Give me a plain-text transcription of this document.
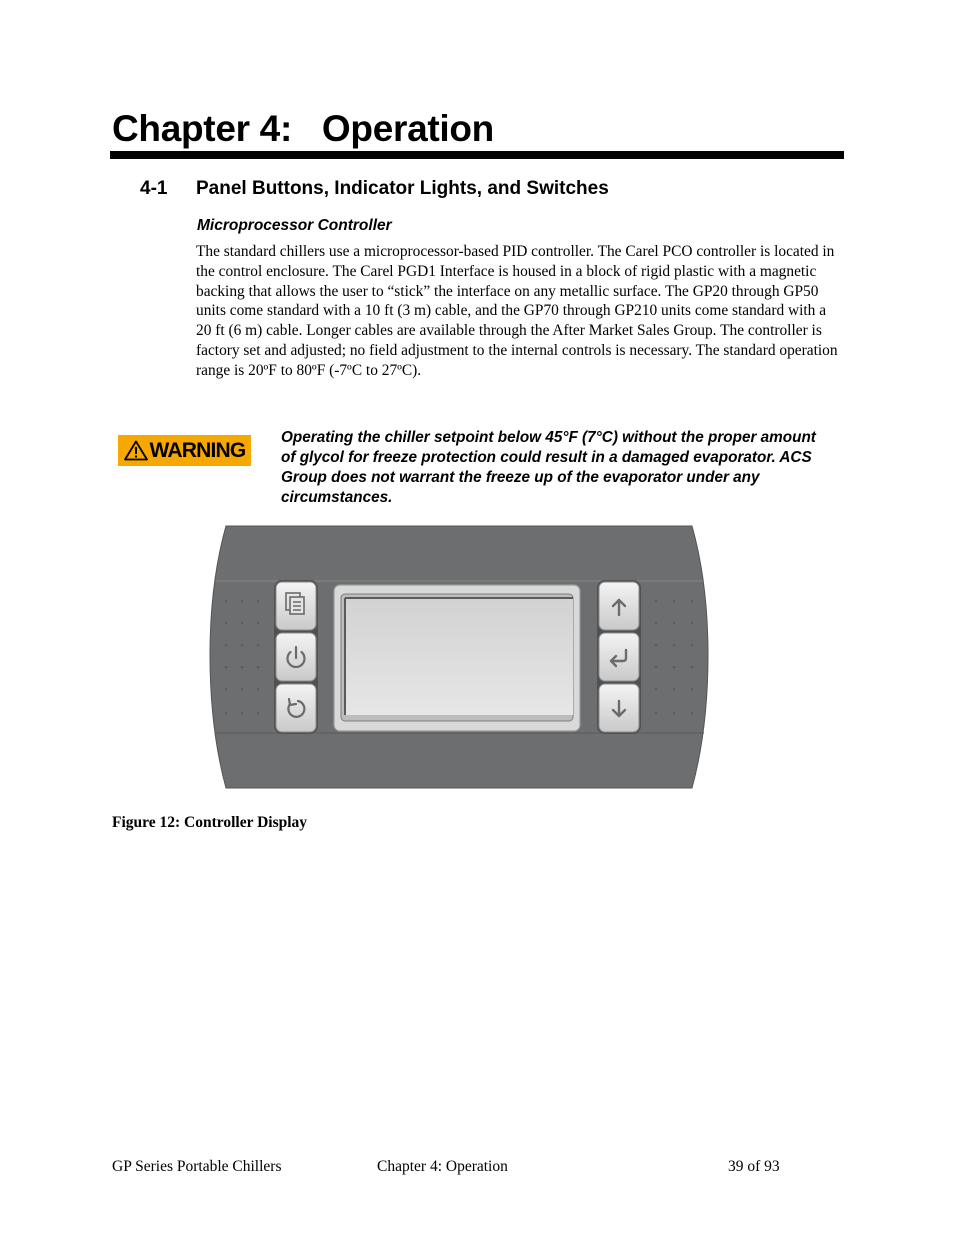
Chapter 4:   Operation
4-1 Panel Buttons, Indicator Lights, and Switches
Microprocessor Controller

The standard chillers use a microprocessor-based PID controller. The Carel PCO controller is located in the control enclosure. The Carel PGD1 Interface is housed in a block of rigid plastic with a magnetic backing that allows the user to “stick” the interface on any metallic surface. The GP20 through GP50 units come standard with a 10 ft (3 m) cable, and the GP70 through GP210 units come standard with a 20 ft (6 m) cable. Longer cables are available through the After Market Sales Group. The controller is factory set and adjusted; no field adjustment to the internal controls is necessary. The standard operation range is 20ºF to 80ºF (-7ºC to 27ºC).

WARNING

Operating the chiller setpoint below 45°F (7°C) without the proper amount of glycol for freeze protection could result in a damaged evaporator. ACS Group does not warrant the freeze up of the evaporator under any circumstances.

Figure 12: Controller Display

GP Series Portable Chillers	Chapter 4: Operation	39 of 93
